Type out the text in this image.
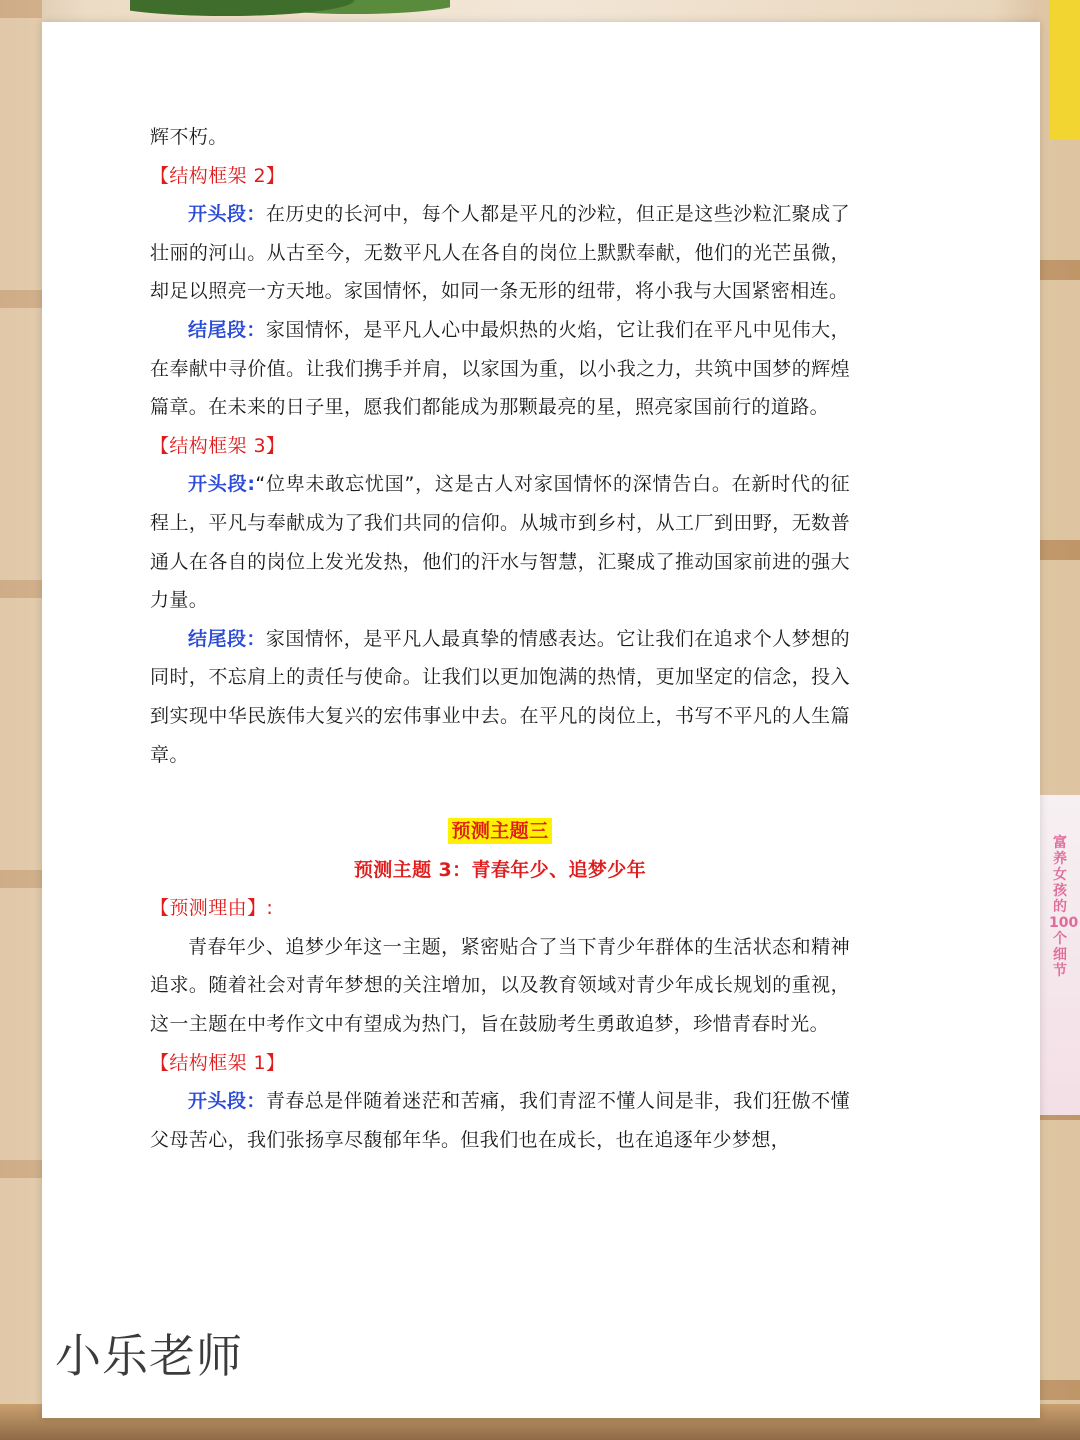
富养女孩的100个细节

辉不朽。

【结构框架 2】

开头段：在历史的长河中，每个人都是平凡的沙粒，但正是这些沙粒汇聚成了壮丽的河山。从古至今，无数平凡人在各自的岗位上默默奉献，他们的光芒虽微，却足以照亮一方天地。家国情怀，如同一条无形的纽带，将小我与大国紧密相连。

结尾段：家国情怀，是平凡人心中最炽热的火焰，它让我们在平凡中见伟大，在奉献中寻价值。让我们携手并肩，以家国为重，以小我之力，共筑中国梦的辉煌篇章。在未来的日子里，愿我们都能成为那颗最亮的星，照亮家国前行的道路。

【结构框架 3】

开头段:“位卑未敢忘忧国”，这是古人对家国情怀的深情告白。在新时代的征程上，平凡与奉献成为了我们共同的信仰。从城市到乡村，从工厂到田野，无数普通人在各自的岗位上发光发热，他们的汗水与智慧，汇聚成了推动国家前进的强大力量。

结尾段：家国情怀，是平凡人最真挚的情感表达。它让我们在追求个人梦想的同时，不忘肩上的责任与使命。让我们以更加饱满的热情，更加坚定的信念，投入到实现中华民族伟大复兴的宏伟事业中去。在平凡的岗位上，书写不平凡的人生篇章。

预测主题三

预测主题 3：青春年少、追梦少年

【预测理由】:

青春年少、追梦少年这一主题，紧密贴合了当下青少年群体的生活状态和精神追求。随着社会对青年梦想的关注增加，以及教育领域对青少年成长规划的重视，这一主题在中考作文中有望成为热门，旨在鼓励考生勇敢追梦，珍惜青春时光。

【结构框架 1】

开头段：青春总是伴随着迷茫和苦痛，我们青涩不懂人间是非，我们狂傲不懂父母苦心，我们张扬享尽馥郁年华。但我们也在成长，也在追逐年少梦想，

小乐老师
